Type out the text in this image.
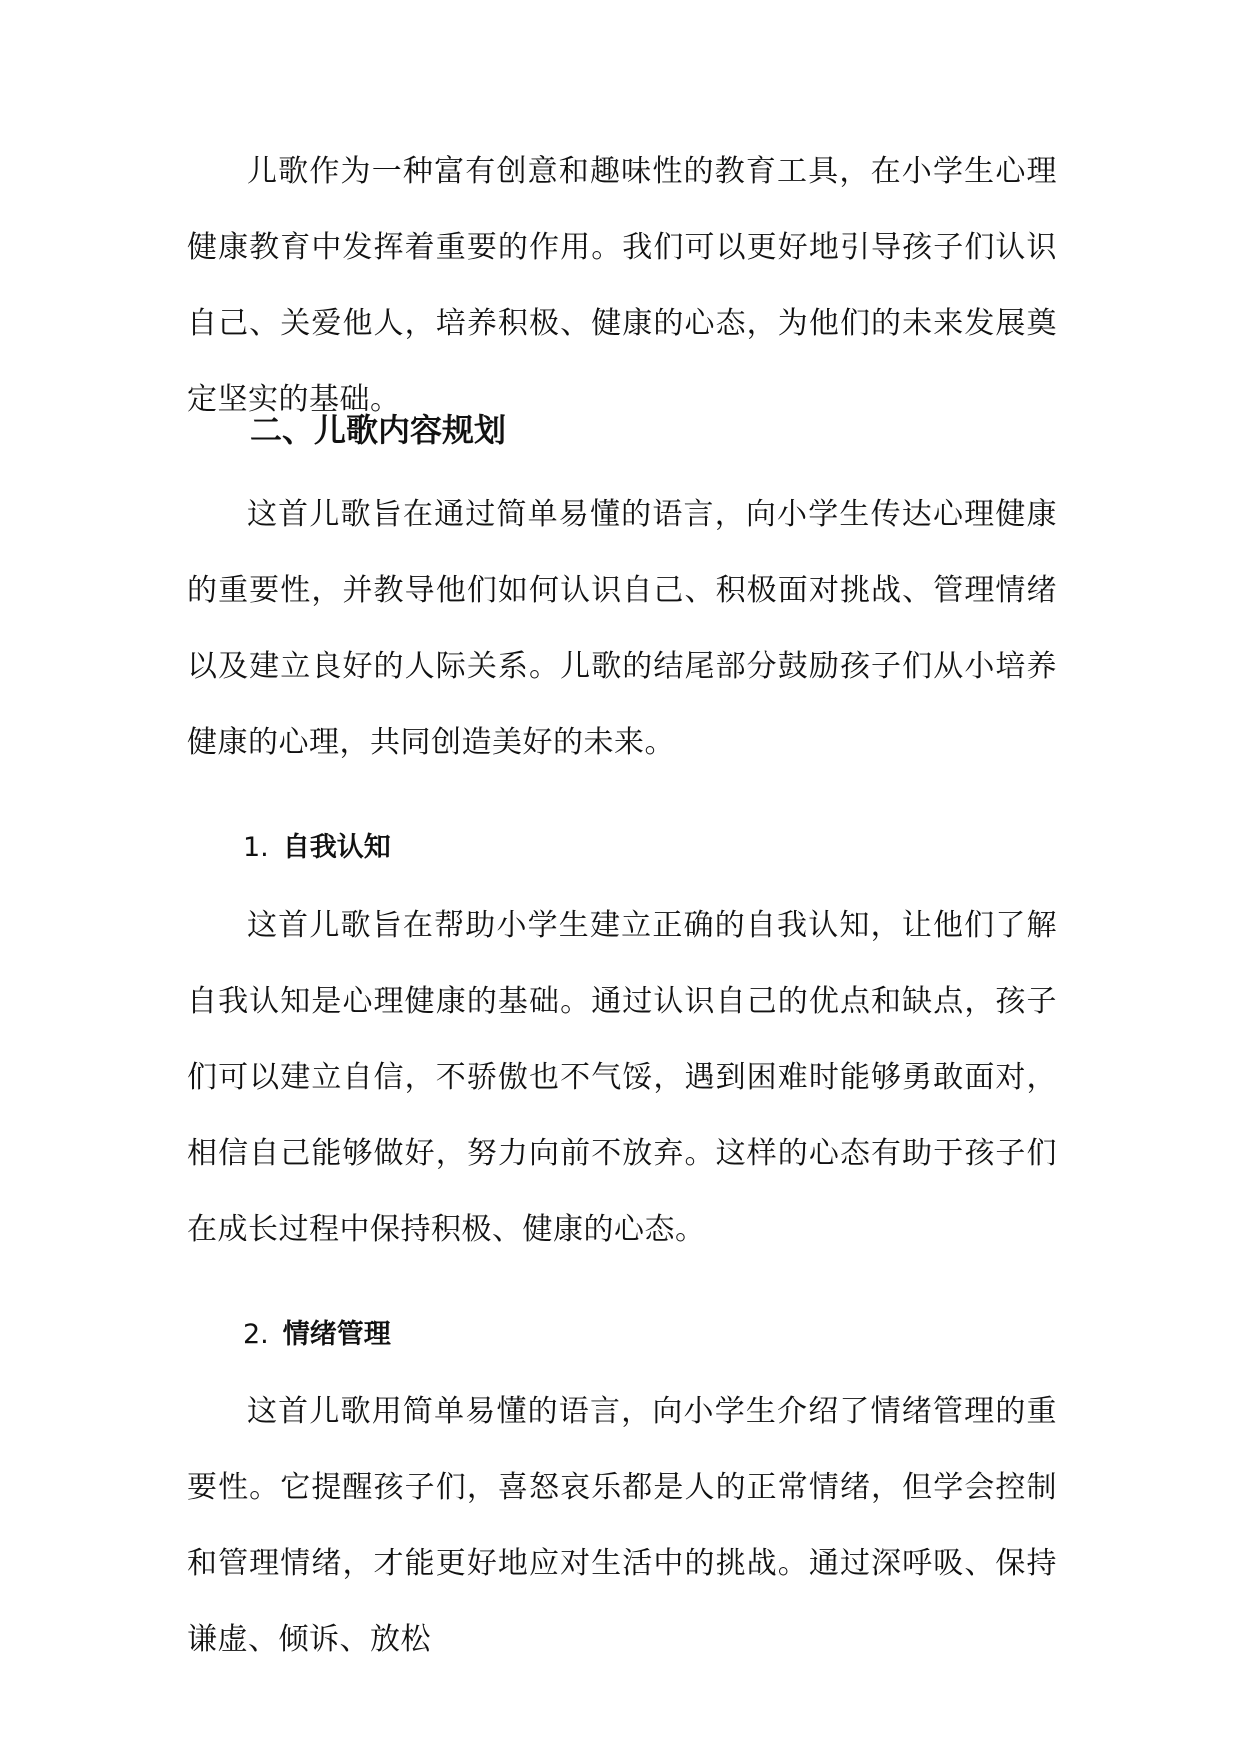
儿歌作为一种富有创意和趣味性的教育工具，在小学生心理健康教育中发挥着重要的作用。我们可以更好地引导孩子们认识自己、关爱他人，培养积极、健康的心态，为他们的未来发展奠定坚实的基础。

二、儿歌内容规划

这首儿歌旨在通过简单易懂的语言，向小学生传达心理健康的重要性，并教导他们如何认识自己、积极面对挑战、管理情绪以及建立良好的人际关系。儿歌的结尾部分鼓励孩子们从小培养健康的心理，共同创造美好的未来。

1. 自我认知

这首儿歌旨在帮助小学生建立正确的自我认知，让他们了解自我认知是心理健康的基础。通过认识自己的优点和缺点，孩子们可以建立自信，不骄傲也不气馁，遇到困难时能够勇敢面对，相信自己能够做好，努力向前不放弃。这样的心态有助于孩子们在成长过程中保持积极、健康的心态。

2. 情绪管理

这首儿歌用简单易懂的语言，向小学生介绍了情绪管理的重要性。它提醒孩子们，喜怒哀乐都是人的正常情绪，但学会控制和管理情绪，才能更好地应对生活中的挑战。通过深呼吸、保持谦虚、倾诉、放松
